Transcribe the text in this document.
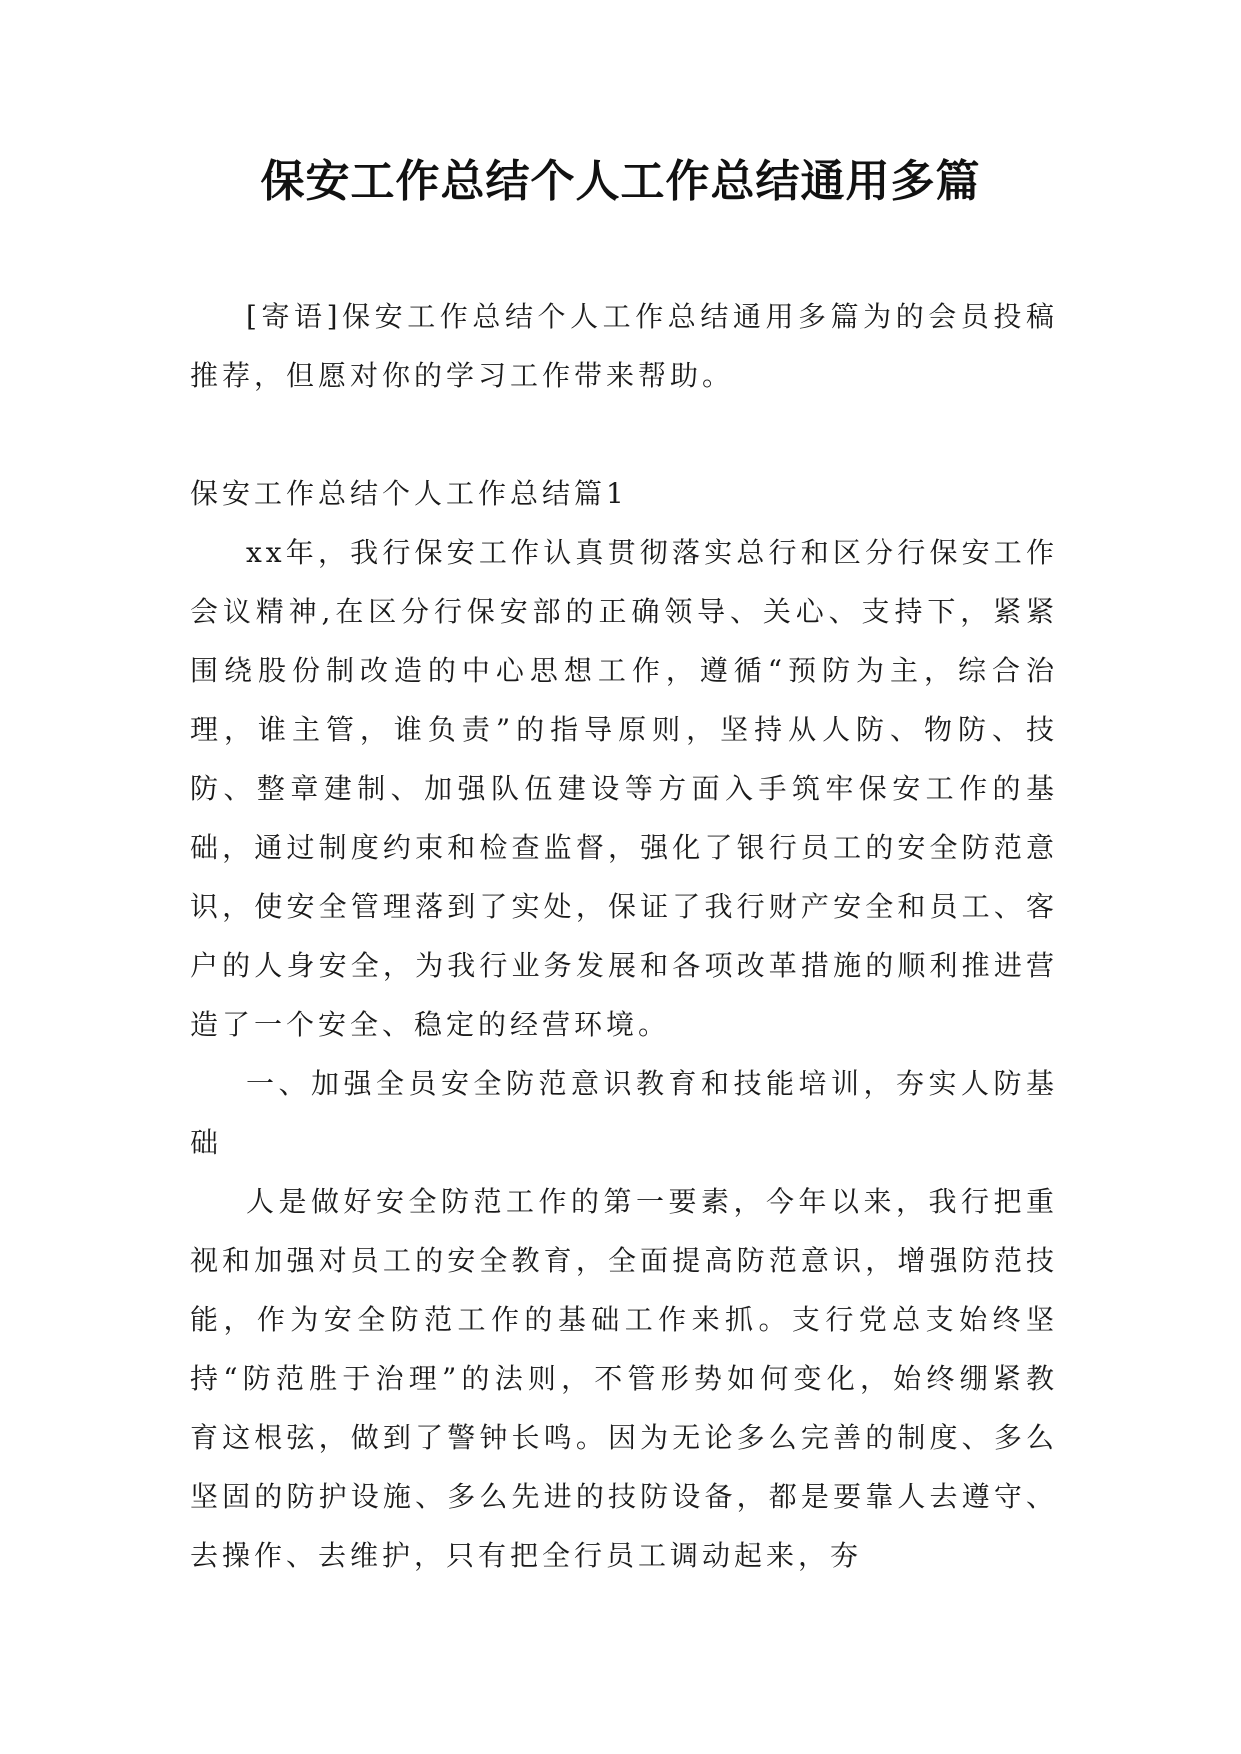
保安工作总结个人工作总结通用多篇

[寄语]保安工作总结个人工作总结通用多篇为的会员投稿推荐，但愿对你的学习工作带来帮助。

保安工作总结个人工作总结篇1

xx年，我行保安工作认真贯彻落实总行和区分行保安工作会议精神,在区分行保安部的正确领导、关心、支持下，紧紧围绕股份制改造的中心思想工作，遵循“预防为主，综合治理，谁主管，谁负责”的指导原则，坚持从人防、物防、技防、整章建制、加强队伍建设等方面入手筑牢保安工作的基础，通过制度约束和检查监督，强化了银行员工的安全防范意识，使安全管理落到了实处，保证了我行财产安全和员工、客户的人身安全，为我行业务发展和各项改革措施的顺利推进营造了一个安全、稳定的经营环境。

一、加强全员安全防范意识教育和技能培训，夯实人防基础

人是做好安全防范工作的第一要素，今年以来，我行把重视和加强对员工的安全教育，全面提高防范意识，增强防范技能，作为安全防范工作的基础工作来抓。支行党总支始终坚持“防范胜于治理”的法则，不管形势如何变化，始终绷紧教育这根弦，做到了警钟长鸣。因为无论多么完善的制度、多么坚固的防护设施、多么先进的技防设备，都是要靠人去遵守、去操作、去维护，只有把全行员工调动起来，夯
